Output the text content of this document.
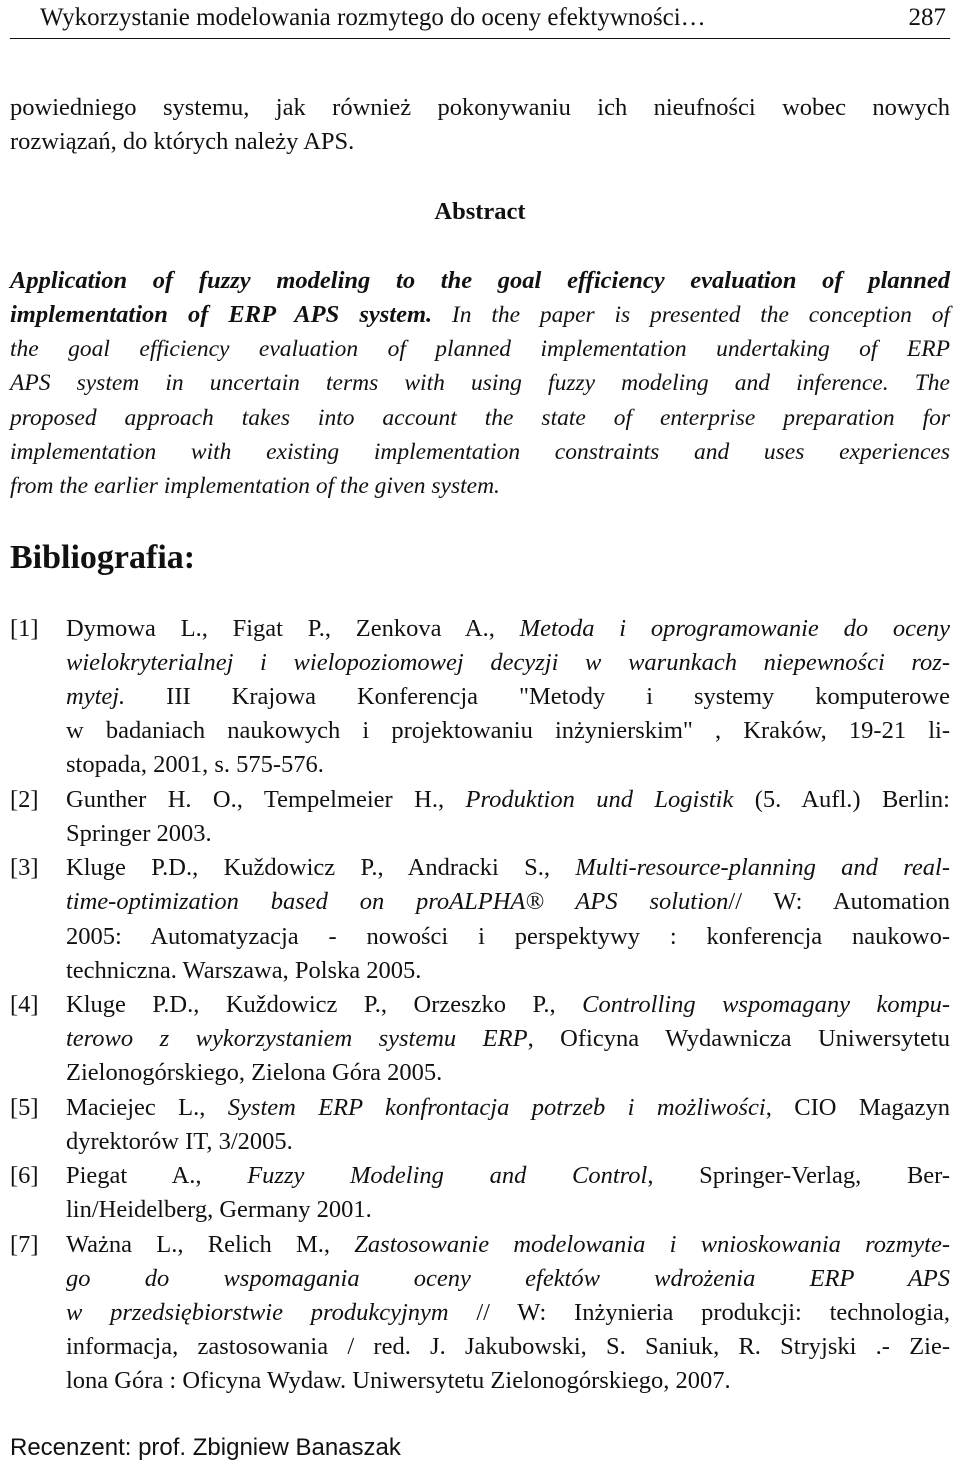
Wykorzystanie modelowania rozmytego do oceny efektywności…	287
powiedniego systemu, jak również pokonywaniu ich nieufności wobec nowych
rozwiązań, do których należy APS.
Abstract
Application of fuzzy modeling to the goal efficiency evaluation of planned
implementation of ERP APS system. In the paper is presented the conception of
the goal efficiency evaluation of planned implementation undertaking of ERP
APS system in uncertain terms with using fuzzy modeling and inference. The
proposed approach takes into account the state of enterprise preparation for
implementation with existing implementation constraints and uses experiences
from the earlier implementation of the given system.
Bibliografia:
[1] Dymowa L., Figat P., Zenkova A., Metoda i oprogramowanie do oceny
wielokryterialnej i wielopoziomowej decyzji w warunkach niepewności roz-
mytej. III Krajowa Konferencja "Metody i systemy komputerowe
w badaniach naukowych i projektowaniu inżynierskim" , Kraków, 19-21 li-
stopada, 2001, s. 575-576.
[2] Gunther H. O., Tempelmeier H., Produktion und Logistik (5. Aufl.) Berlin:
Springer 2003.
[3] Kluge P.D., Kuždowicz P., Andracki S., Multi-resource-planning and real-
time-optimization based on proALPHA® APS solution// W: Automation
2005: Automatyzacja - nowości i perspektywy : konferencja naukowo-
techniczna. Warszawa, Polska 2005.
[4] Kluge P.D., Kuždowicz P., Orzeszko P., Controlling wspomagany kompu-
terowo z wykorzystaniem systemu ERP, Oficyna Wydawnicza Uniwersytetu
Zielonogórskiego, Zielona Góra 2005.
[5] Maciejec L., System ERP konfrontacja potrzeb i możliwości, CIO Magazyn
dyrektorów IT, 3/2005.
[6] Piegat A., Fuzzy Modeling and Control, Springer-Verlag, Ber-
lin/Heidelberg, Germany 2001.
[7] Ważna L., Relich M., Zastosowanie modelowania i wnioskowania rozmyte-
go do wspomagania oceny efektów wdrożenia ERP APS
w przedsiębiorstwie produkcyjnym // W: Inżynieria produkcji: technologia,
informacja, zastosowania / red. J. Jakubowski, S. Saniuk, R. Stryjski .- Zie-
lona Góra : Oficyna Wydaw. Uniwersytetu Zielonogórskiego, 2007.
Recenzent: prof. Zbigniew Banaszak
